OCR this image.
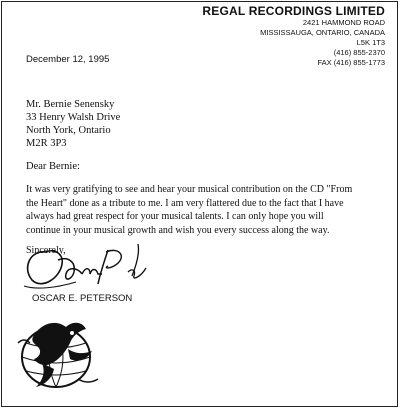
REGAL RECORDINGS LIMITED
2421 HAMMOND ROAD
MISSISSAUGA, ONTARIO, CANADA
L5K 1T3
(416) 855-2370
FAX (416) 855-1773
December 12, 1995
Mr. Bernie Senensky
33 Henry Walsh Drive
North York, Ontario
M2R 3P3
Dear Bernie:
It was very gratifying to see and hear your musical contribution on the CD "From
the Heart" done as a tribute to me. I am very flattered due to the fact that I have
always had great respect for your musical talents. I can only hope you will
continue in your musical growth and wish you every success along the way.
Sincerely,
OSCAR E. PETERSON
